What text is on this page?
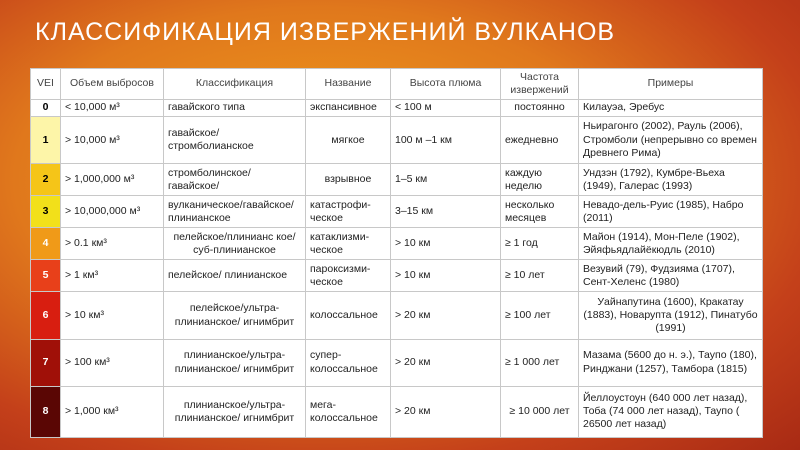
КЛАССИФИКАЦИЯ ИЗВЕРЖЕНИЙ ВУЛКАНОВ
VEI	Объем выбросов	Классификация	Название	Высота плюма	Частота извержений	Примеры
0	< 10,000 м³	гавайского типа	экспансивное	< 100 м	постоянно	Килауэа, Эребус
1	> 10,000 м³	гавайское/ стромболианское	мягкое	100 м –1 км	ежедневно	Ньирагонго (2002), Рауль (2006), Стромболи (непрерывно со времен Древнего Рима)
2	> 1,000,000 м³	стромболинское/ гавайское/	взрывное	1–5 км	каждую неделю	Ундзэн (1792), Кумбре-Вьеха (1949), Галерас (1993)
3	> 10,000,000 м³	вулканическое/гавайское/плинианское	катастрофи-ческое	3–15 км	несколько месяцев	Невадо-дель-Руис (1985), Набро (2011)
4	> 0.1 км³	пелейское/плинианс кое/суб-плинианское	катаклизми-ческое	> 10 км	≥ 1 год	Майон (1914), Мон-Пеле (1902), Эйяфьядлайёкюдль (2010)
5	> 1 км³	пелейское/ плинианское	пароксизми-ческое	> 10 км	≥ 10 лет	Везувий (79), Фудзияма (1707), Сент-Хеленс (1980)
6	> 10 км³	пелейское/ультра-плинианское/ игнимбрит	колоссальное	> 20 км	≥ 100 лет	Уайнапутина (1600), Кракатау (1883), Новарупта (1912), Пинатубо (1991)
7	> 100 км³	плинианское/ультра-плинианское/ игнимбрит	супер-колоссальное	> 20 км	≥ 1 000 лет	Мазама (5600 до н. э.), Таупо (180), Ринджани (1257), Тамбора (1815)
8	> 1,000 км³	плинианское/ультра-плинианское/ игнимбрит	мега-колоссальное	> 20 км	≥ 10 000 лет	Йеллоустоун (640 000 лет назад), Тоба (74 000 лет назад), Таупо ( 26500 лет назад)
